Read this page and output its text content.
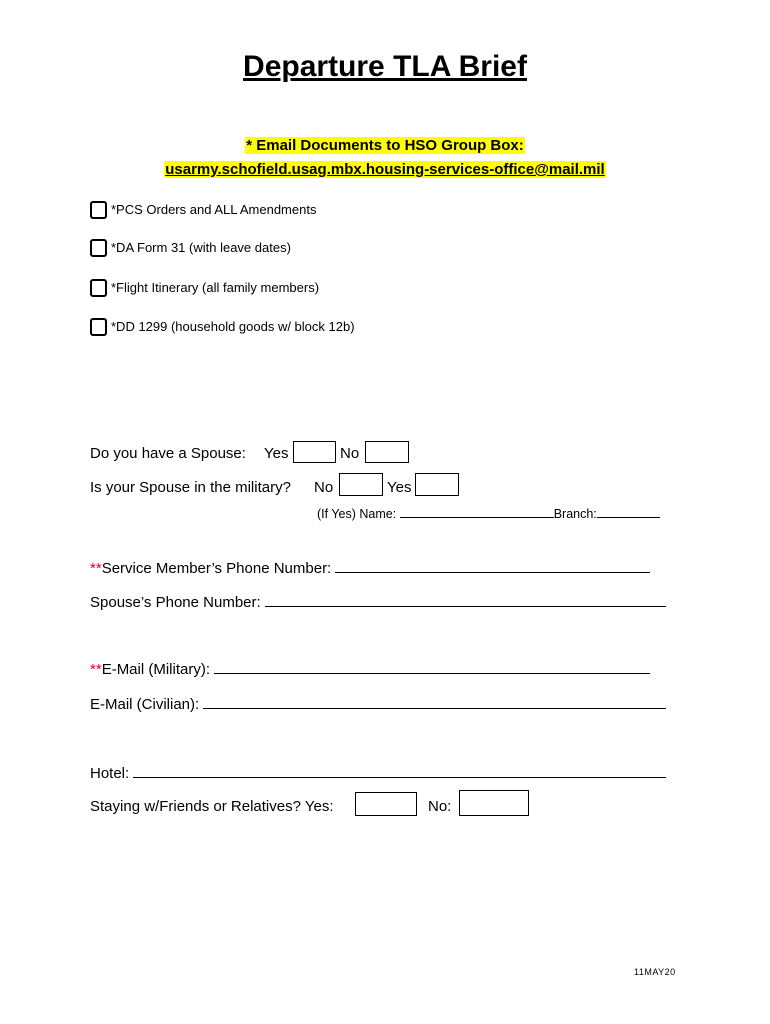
Departure TLA Brief
* Email Documents to HSO Group Box:
usarmy.schofield.usag.mbx.housing-services-office@mail.mil
*PCS Orders and ALL Amendments
*DA Form 31 (with leave dates)
*Flight Itinerary (all family members)
*DD 1299 (household goods w/ block 12b)
Do you have a Spouse: Yes	No
Is your Spouse in the military? No	Yes
(If Yes) Name:	Branch:
**Service Member’s Phone Number:
Spouse’s Phone Number:
**E-Mail (Military):
E-Mail (Civilian):
Hotel:
Staying w/Friends or Relatives? Yes:	No:
11MAY20
